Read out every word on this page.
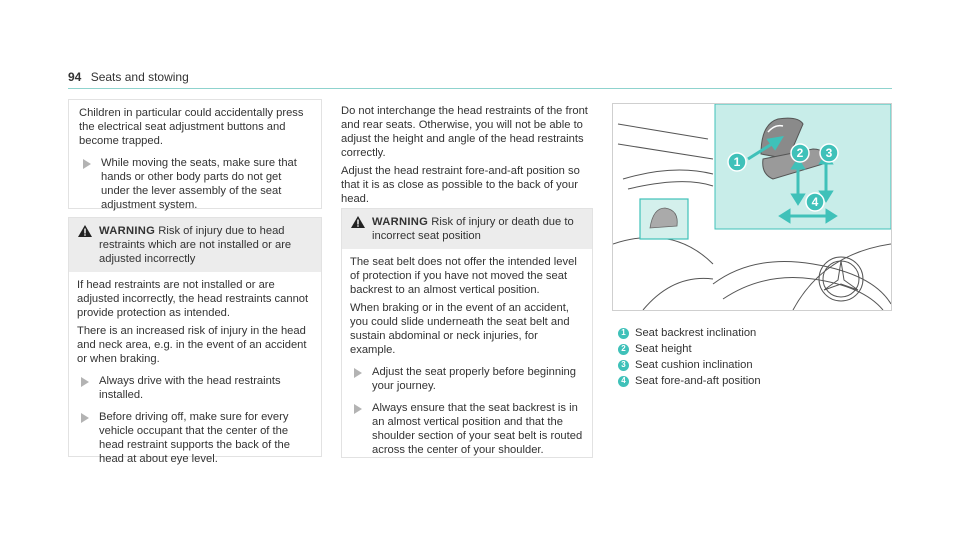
94 Seats and stowing

Children in particular could accidentally press the electrical seat adjustment buttons and become trapped.

While moving the seats, make sure that hands or other body parts do not get under the lever assembly of the seat adjustment system.
WARNING Risk of injury due to head restraints which are not installed or are adjusted incorrectly

If head restraints are not installed or are adjusted incorrectly, the head restraints cannot provide protection as intended.

There is an increased risk of injury in the head and neck area, e.g. in the event of an accident or when braking.

Always drive with the head restraints installed.
Before driving off, make sure for every vehicle occupant that the center of the head restraint supports the back of the head at about eye level.

Do not interchange the head restraints of the front and rear seats. Otherwise, you will not be able to adjust the height and angle of the head restraints correctly.

Adjust the head restraint fore-and-aft position so that it is as close as possible to the back of your head.

WARNING Risk of injury or death due to incorrect seat position

The seat belt does not offer the intended level of protection if you have not moved the seat backrest to an almost vertical position.

When braking or in the event of an accident, you could slide underneath the seat belt and sustain abdominal or neck injuries, for example.

Adjust the seat properly before beginning your journey.
Always ensure that the seat backrest is in an almost vertical position and that the shoulder section of your seat belt is routed across the center of your shoulder.
1
2 3
4
1 Seat backrest inclination
2 Seat height
3 Seat cushion inclination
4 Seat fore-and-aft position
